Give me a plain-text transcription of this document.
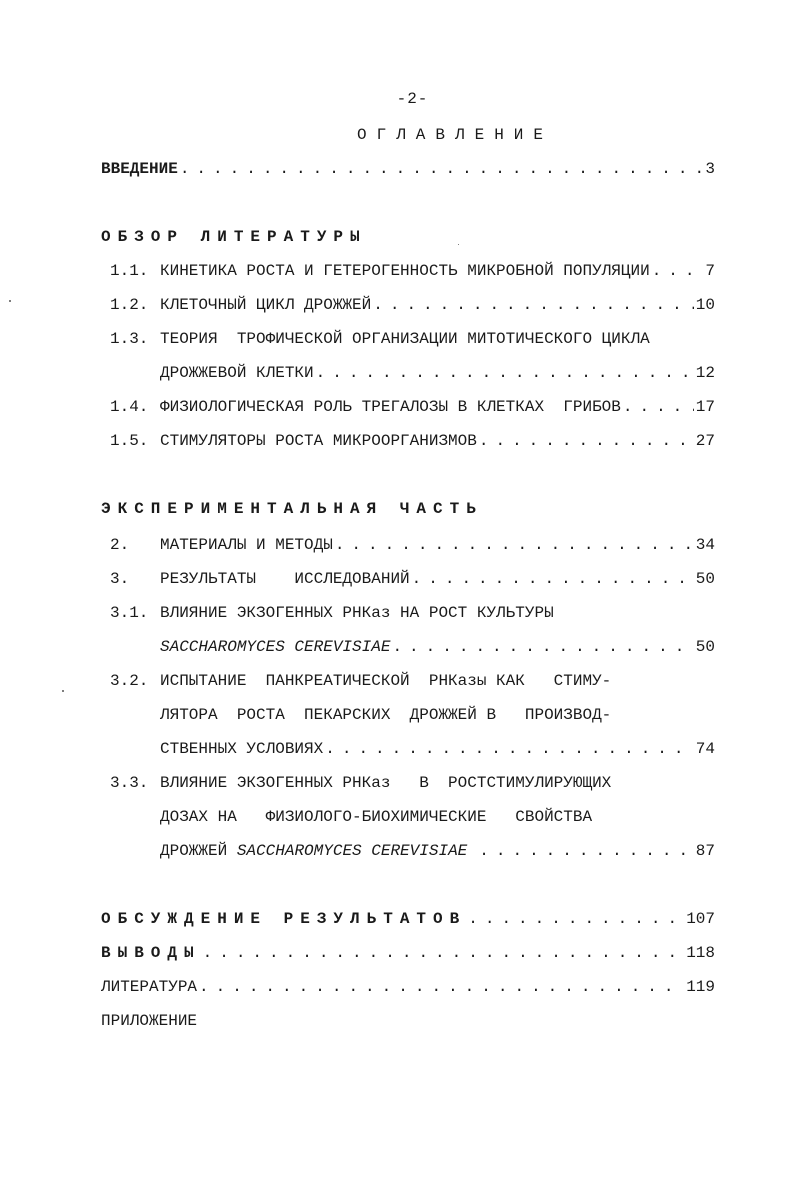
-2-
ОГЛАВЛЕНИЕ
ВВЕДЕНИЕ . . .	3
ОБЗОР ЛИТЕРАТУРЫ
1.1. КИНЕТИКА РОСТА И ГЕТЕРОГЕННОСТЬ МИКРОБНОЙ ПОПУЛЯЦИИ . . .	7
1.2. КЛЕТОЧНЫЙ ЦИКЛ ДРОЖЖЕЙ . . .	10
1.3. ТЕОРИЯ  ТРОФИЧЕСКОЙ ОРГАНИЗАЦИИ МИТОТИЧЕСКОГО ЦИКЛА
ДРОЖЖЕВОЙ КЛЕТКИ . . .	12
1.4. ФИЗИОЛОГИЧЕСКАЯ РОЛЬ ТРЕГАЛОЗЫ В КЛЕТКАХ  ГРИБОВ . . .	17
1.5. СТИМУЛЯТОРЫ РОСТА МИКРООРГАНИЗМОВ . . .	27
ЭКСПЕРИМЕНТАЛЬНАЯ ЧАСТЬ
2.	МАТЕРИАЛЫ И МЕТОДЫ . . .	34
3.	РЕЗУЛЬТАТЫ    ИССЛЕДОВАНИЙ . . .	50
3.1. ВЛИЯНИЕ ЭКЗОГЕННЫХ РНКаз НА РОСТ КУЛЬТУРЫ
SACCHAROMYCES CEREVISIAE . . .	50
3.2. ИСПЫТАНИЕ  ПАНКРЕАТИЧЕСКОЙ  РНКазы КАК   СТИМУ-
ЛЯТОРА  РОСТА  ПЕКАРСКИХ  ДРОЖЖЕЙ В   ПРОИЗВОД-
СТВЕННЫХ УСЛОВИЯХ . . .	74
3.3. ВЛИЯНИЕ ЭКЗОГЕННЫХ РНКаз   В  РОСТСТИМУЛИРУЮЩИХ
ДОЗАХ НА   ФИЗИОЛОГО-БИОХИМИЧЕСКИЕ   СВОЙСТВА
ДРОЖЖЕЙ SACCHAROMYCES CEREVISIAE . . .	87
ОБСУЖДЕНИЕ РЕЗУЛЬТАТОВ . . .	107
ВЫВОДЫ . . .	118
ЛИТЕРАТУРА . . .	119
ПРИЛОЖЕНИЕ
